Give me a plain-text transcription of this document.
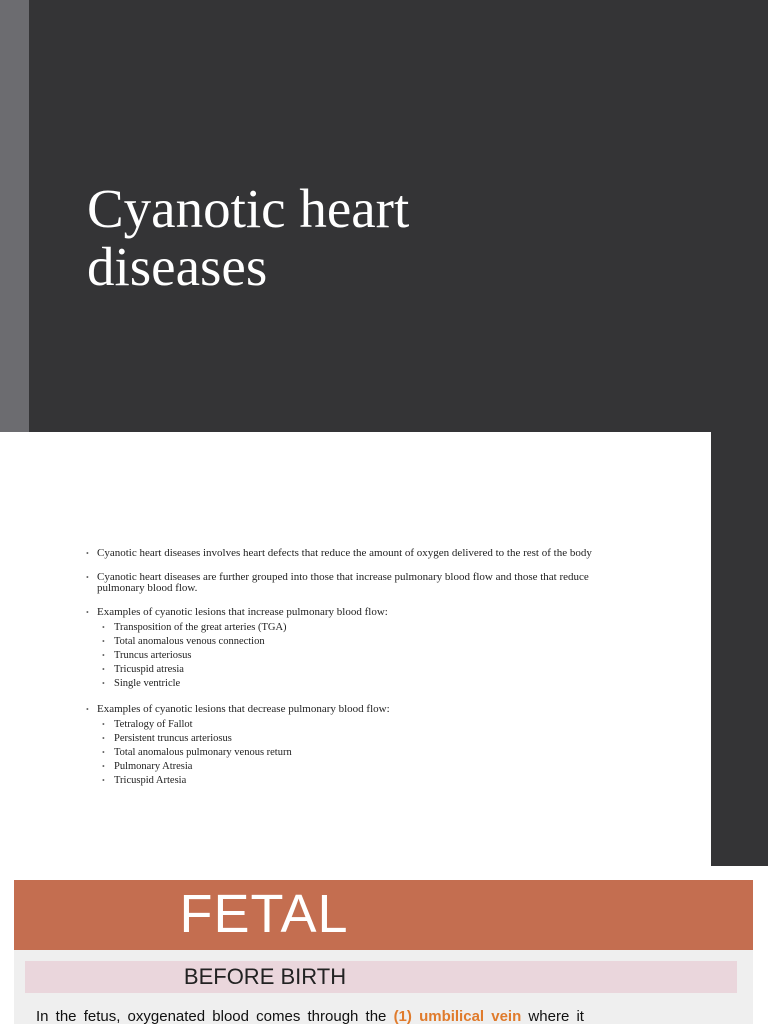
Cyanotic heart
diseases
• Cyanotic heart diseases involves heart defects that reduce the amount of oxygen delivered to the rest of the body
• Cyanotic heart diseases are further grouped into those that increase pulmonary blood flow and those that reduce pulmonary blood flow.
• Examples of cyanotic lesions that increase pulmonary blood flow:
• Transposition of the great arteries (TGA)
• Total anomalous venous connection
• Truncus arteriosus
• Tricuspid atresia
• Single ventricle
• Examples of cyanotic lesions that decrease pulmonary blood flow:
• Tetralogy of Fallot
• Persistent truncus arteriosus
• Total anomalous pulmonary venous return
• Pulmonary Atresia
• Tricuspid Artesia
FETAL
BEFORE BIRTH
In the fetus, oxygenated blood comes through the (1) umbilical vein where it
